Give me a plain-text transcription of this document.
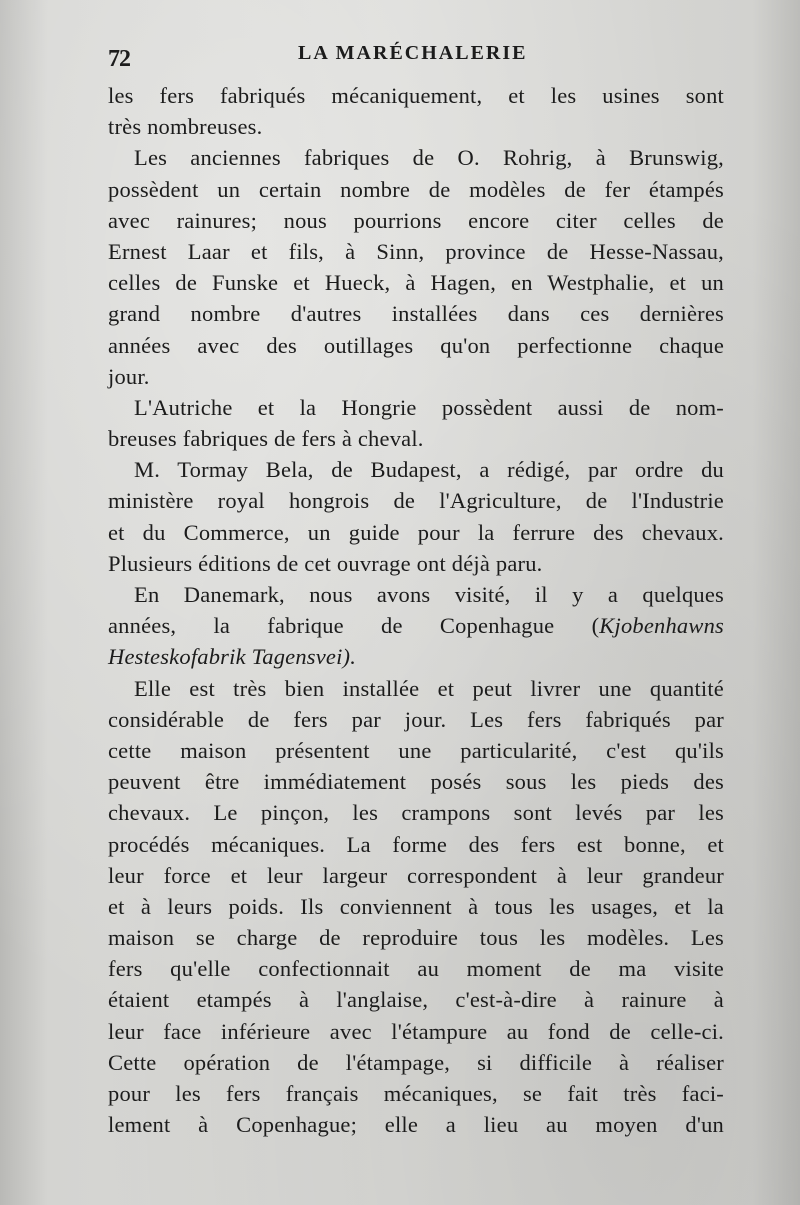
72	LA MARÉCHALERIE
les fers fabriqués mécaniquement, et les usines sont
très nombreuses.
Les anciennes fabriques de O. Rohrig, à Brunswig,
possèdent un certain nombre de modèles de fer étampés
avec rainures; nous pourrions encore citer celles de
Ernest Laar et fils, à Sinn, province de Hesse-Nassau,
celles de Funske et Hueck, à Hagen, en Westphalie, et un
grand nombre d'autres installées dans ces dernières
années avec des outillages qu'on perfectionne chaque
jour.
L'Autriche et la Hongrie possèdent aussi de nom-
breuses fabriques de fers à cheval.
M. Tormay Bela, de Budapest, a rédigé, par ordre du
ministère royal hongrois de l'Agriculture, de l'Industrie
et du Commerce, un guide pour la ferrure des chevaux.
Plusieurs éditions de cet ouvrage ont déjà paru.
En Danemark, nous avons visité, il y a quelques
années, la fabrique de Copenhague (Kjobenhawns
Hesteskofabrik Tagensvei).
Elle est très bien installée et peut livrer une quantité
considérable de fers par jour. Les fers fabriqués par
cette maison présentent une particularité, c'est qu'ils
peuvent être immédiatement posés sous les pieds des
chevaux. Le pinçon, les crampons sont levés par les
procédés mécaniques. La forme des fers est bonne, et
leur force et leur largeur correspondent à leur grandeur
et à leurs poids. Ils conviennent à tous les usages, et la
maison se charge de reproduire tous les modèles. Les
fers qu'elle confectionnait au moment de ma visite
étaient etampés à l'anglaise, c'est-à-dire à rainure à
leur face inférieure avec l'étampure au fond de celle-ci.
Cette opération de l'étampage, si difficile à réaliser
pour les fers français mécaniques, se fait très faci-
lement à Copenhague; elle a lieu au moyen d'un
